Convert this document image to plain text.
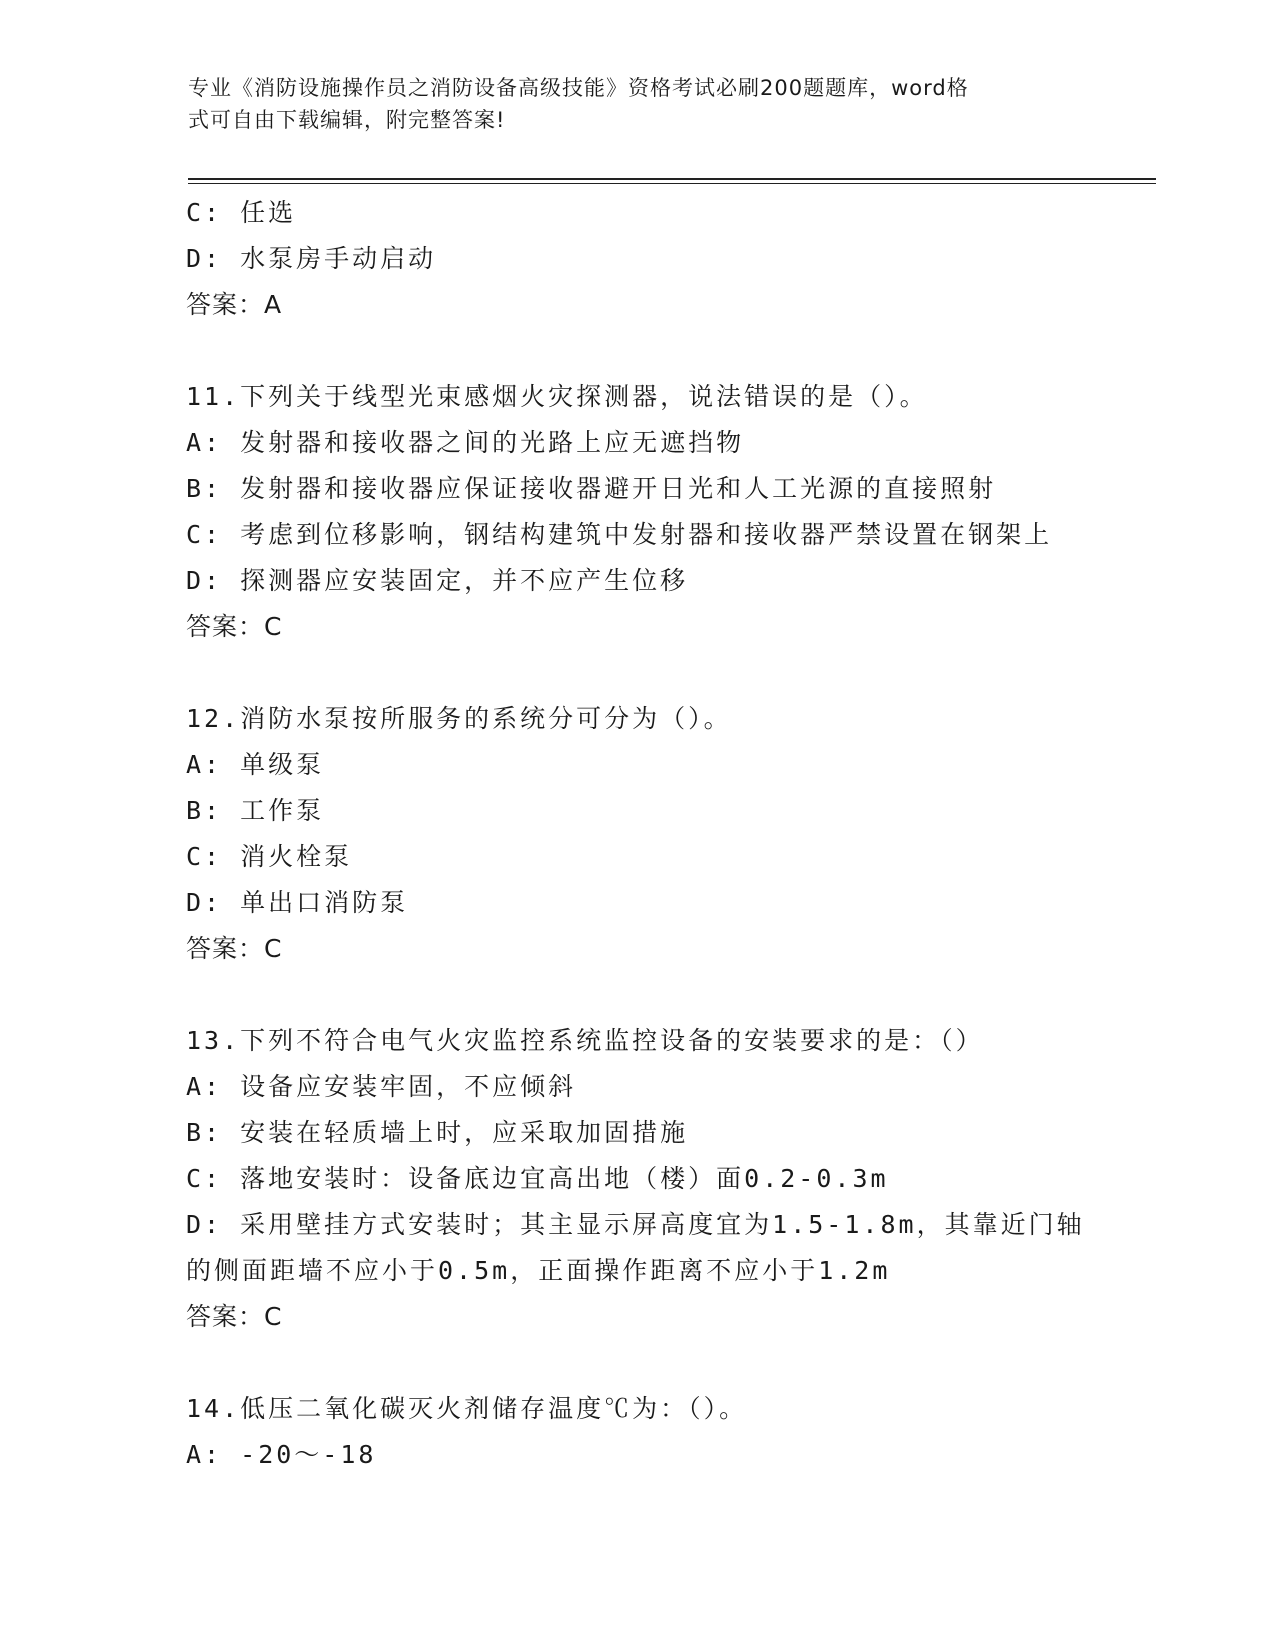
专业《消防设施操作员之消防设备高级技能》资格考试必刷200题题库，word格
式可自由下载编辑，附完整答案!
C: 任选
D: 水泵房手动启动
答案：A
11.下列关于线型光束感烟火灾探测器，说法错误的是（）。
A: 发射器和接收器之间的光路上应无遮挡物
B: 发射器和接收器应保证接收器避开日光和人工光源的直接照射
C: 考虑到位移影响，钢结构建筑中发射器和接收器严禁设置在钢架上
D: 探测器应安装固定，并不应产生位移
答案：C
12.消防水泵按所服务的系统分可分为（）。
A: 单级泵
B: 工作泵
C: 消火栓泵
D: 单出口消防泵
答案：C
13.下列不符合电气火灾监控系统监控设备的安装要求的是：（）
A: 设备应安装牢固，不应倾斜
B: 安装在轻质墙上时，应采取加固措施
C: 落地安装时：设备底边宜高出地（楼）面0.2-0.3m
D: 采用壁挂方式安装时；其主显示屏高度宜为1.5-1.8m，其靠近门轴
的侧面距墙不应小于0.5m，正面操作距离不应小于1.2m
答案：C
14.低压二氧化碳灭火剂储存温度℃为：（）。
A: -20～-18
